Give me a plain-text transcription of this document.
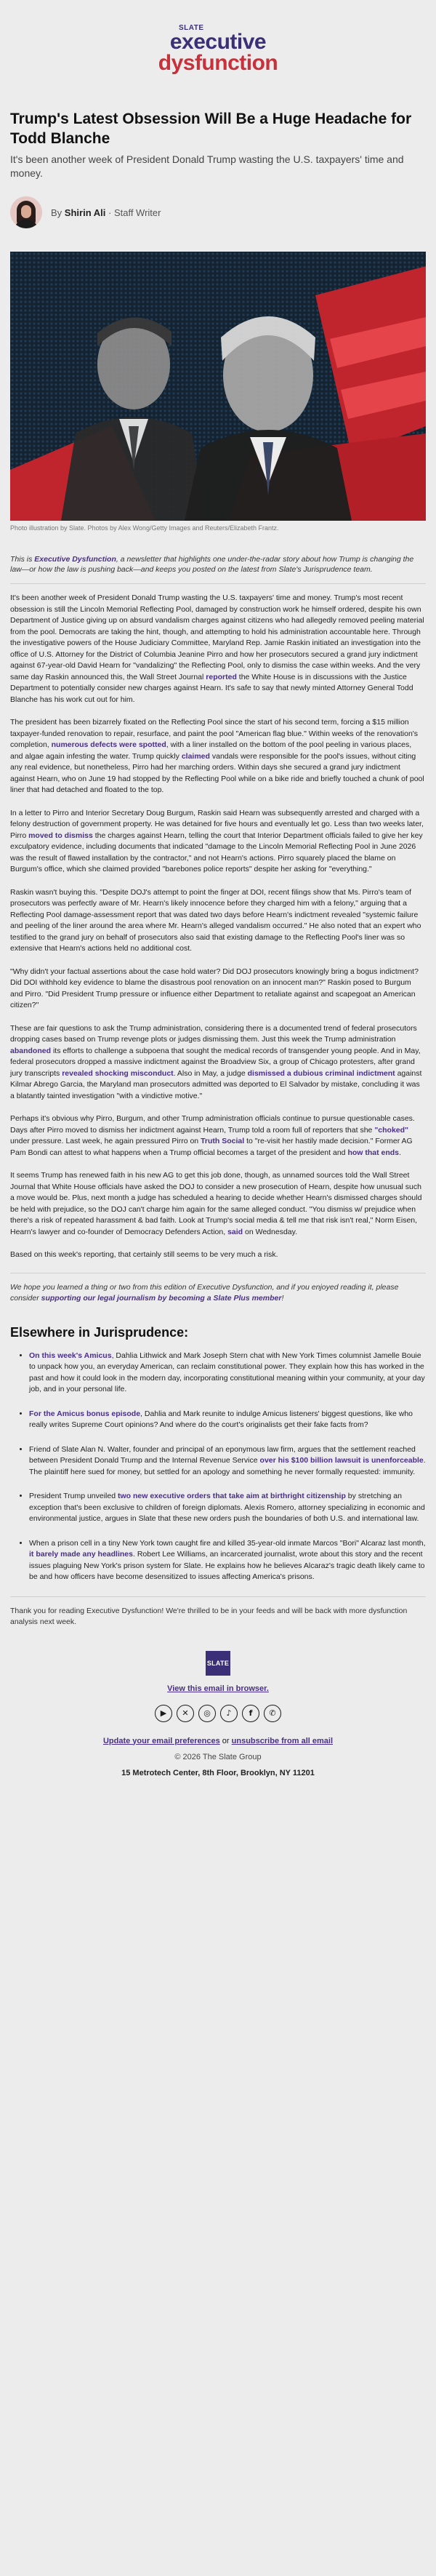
SLATE
executive
dysfunction
Trump's Latest Obsession Will Be a Huge Headache for Todd Blanche

It's been another week of President Donald Trump wasting the U.S. taxpayers' time and money.

By Shirin Ali · Staff Writer

Photo illustration by Slate. Photos by Alex Wong/Getty Images and Reuters/Elizabeth Frantz.

This is Executive Dysfunction, a newsletter that highlights one under-the-radar story about how Trump is changing the law—or how the law is pushing back—and keeps you posted on the latest from Slate's Jurisprudence team.

It's been another week of President Donald Trump wasting the U.S. taxpayers' time and money. Trump's most recent obsession is still the Lincoln Memorial Reflecting Pool, damaged by construction work he himself ordered, despite his own Department of Justice giving up on absurd vandalism charges against citizens who had allegedly removed peeling material from the pool. Democrats are taking the hint, though, and attempting to hold his administration accountable here. Through the investigative powers of the House Judiciary Committee, Maryland Rep. Jamie Raskin initiated an investigation into the office of U.S. Attorney for the District of Columbia Jeanine Pirro and how her prosecutors secured a grand jury indictment against 67-year-old David Hearn for "vandalizing" the Reflecting Pool, only to dismiss the case within weeks. And the very same day Raskin announced this, the Wall Street Journal reported the White House is in discussions with the Justice Department to potentially consider new charges against Hearn. It's safe to say that newly minted Attorney General Todd Blanche has his work cut out for him.

The president has been bizarrely fixated on the Reflecting Pool since the start of his second term, forcing a $15 million taxpayer-funded renovation to repair, resurface, and paint the pool "American flag blue." Within weeks of the renovation's completion, numerous defects were spotted, with a liner installed on the bottom of the pool peeling in various places, and algae again infesting the water. Trump quickly claimed vandals were responsible for the pool's issues, without citing any real evidence, but nonetheless, Pirro had her marching orders. Within days she secured a grand jury indictment against Hearn, who on June 19 had stopped by the Reflecting Pool while on a bike ride and briefly touched a chunk of pool liner that had detached and floated to the top.

In a letter to Pirro and Interior Secretary Doug Burgum, Raskin said Hearn was subsequently arrested and charged with a felony destruction of government property. He was detained for five hours and eventually let go. Less than two weeks later, Pirro moved to dismiss the charges against Hearn, telling the court that Interior Department officials failed to give her key exculpatory evidence, including documents that indicated "damage to the Lincoln Memorial Reflecting Pool in June 2026 was the result of flawed installation by the contractor," and not Hearn's actions. Pirro squarely placed the blame on Burgum's office, which she claimed provided "barebones police reports" despite her asking for "everything."

Raskin wasn't buying this. "Despite DOJ's attempt to point the finger at DOI, recent filings show that Ms. Pirro's team of prosecutors was perfectly aware of Mr. Hearn's likely innocence before they charged him with a felony," arguing that a Reflecting Pool damage-assessment report that was dated two days before Hearn's indictment revealed "systemic failure and peeling of the liner around the area where Mr. Hearn's alleged vandalism occurred." He also noted that an expert who testified to the grand jury on behalf of prosecutors also said that existing damage to the Reflecting Pool's liner was so extensive that Hearn's actions held no additional cost.

"Why didn't your factual assertions about the case hold water? Did DOJ prosecutors knowingly bring a bogus indictment? Did DOI withhold key evidence to blame the disastrous pool renovation on an innocent man?" Raskin posed to Burgum and Pirro. "Did President Trump pressure or influence either Department to retaliate against and scapegoat an American citizen?"

These are fair questions to ask the Trump administration, considering there is a documented trend of federal prosecutors dropping cases based on Trump revenge plots or judges dismissing them. Just this week the Trump administration abandoned its efforts to challenge a subpoena that sought the medical records of transgender young people. And in May, federal prosecutors dropped a massive indictment against the Broadview Six, a group of Chicago protesters, after grand jury transcripts revealed shocking misconduct. Also in May, a judge dismissed a dubious criminal indictment against Kilmar Abrego Garcia, the Maryland man prosecutors admitted was deported to El Salvador by mistake, concluding it was a blatantly tainted investigation "with a vindictive motive."

Perhaps it's obvious why Pirro, Burgum, and other Trump administration officials continue to pursue questionable cases. Days after Pirro moved to dismiss her indictment against Hearn, Trump told a room full of reporters that she "choked" under pressure. Last week, he again pressured Pirro on Truth Social to "re-visit her hastily made decision." Former AG Pam Bondi can attest to what happens when a Trump official becomes a target of the president and how that ends.

It seems Trump has renewed faith in his new AG to get this job done, though, as unnamed sources told the Wall Street Journal that White House officials have asked the DOJ to consider a new prosecution of Hearn, despite how unusual such a move would be. Plus, next month a judge has scheduled a hearing to decide whether Hearn's dismissed charges should be held with prejudice, so the DOJ can't charge him again for the same alleged conduct. "You dismiss w/ prejudice when there's a risk of repeated harassment & bad faith. Look at Trump's social media & tell me that risk isn't real," Norm Eisen, Hearn's lawyer and co-founder of Democracy Defenders Action, said on Wednesday.

Based on this week's reporting, that certainly still seems to be very much a risk.

We hope you learned a thing or two from this edition of Executive Dysfunction, and if you enjoyed reading it, please consider supporting our legal journalism by becoming a Slate Plus member!

Elsewhere in Jurisprudence:
• On this week's Amicus, Dahlia Lithwick and Mark Joseph Stern chat with New York Times columnist Jamelle Bouie to unpack how you, an everyday American, can reclaim constitutional power. They explain how this has worked in the past and how it could look in the modern day, incorporating constitutional meaning within your community, at your day job, and in your personal life.
• For the Amicus bonus episode, Dahlia and Mark reunite to indulge Amicus listeners' biggest questions, like who really writes Supreme Court opinions? And where do the court's originalists get their fake facts from?
• Friend of Slate Alan N. Walter, founder and principal of an eponymous law firm, argues that the settlement reached between President Donald Trump and the Internal Revenue Service over his $100 billion lawsuit is unenforceable. The plaintiff here sued for money, but settled for an apology and something he never formally requested: immunity.
• President Trump unveiled two new executive orders that take aim at birthright citizenship by stretching an exception that's been exclusive to children of foreign diplomats. Alexis Romero, attorney specializing in economic and environmental justice, argues in Slate that these new orders push the boundaries of both U.S. and international law.
• When a prison cell in a tiny New York town caught fire and killed 35-year-old inmate Marcos "Bori" Alcaraz last month, it barely made any headlines. Robert Lee Williams, an incarcerated journalist, wrote about this story and the recent issues plaguing New York's prison system for Slate. He explains how he believes Alcaraz's tragic death likely came to be and how officers have become desensitized to issues affecting America's prisons.

Thank you for reading Executive Dysfunction! We're thrilled to be in your feeds and will be back with more dysfunction analysis next week.

SLATE
View this email in browser.
▶	✕	◎	♪	f	✆

Update your email preferences or unsubscribe from all email

© 2026 The Slate Group

15 Metrotech Center, 8th Floor, Brooklyn, NY 11201
